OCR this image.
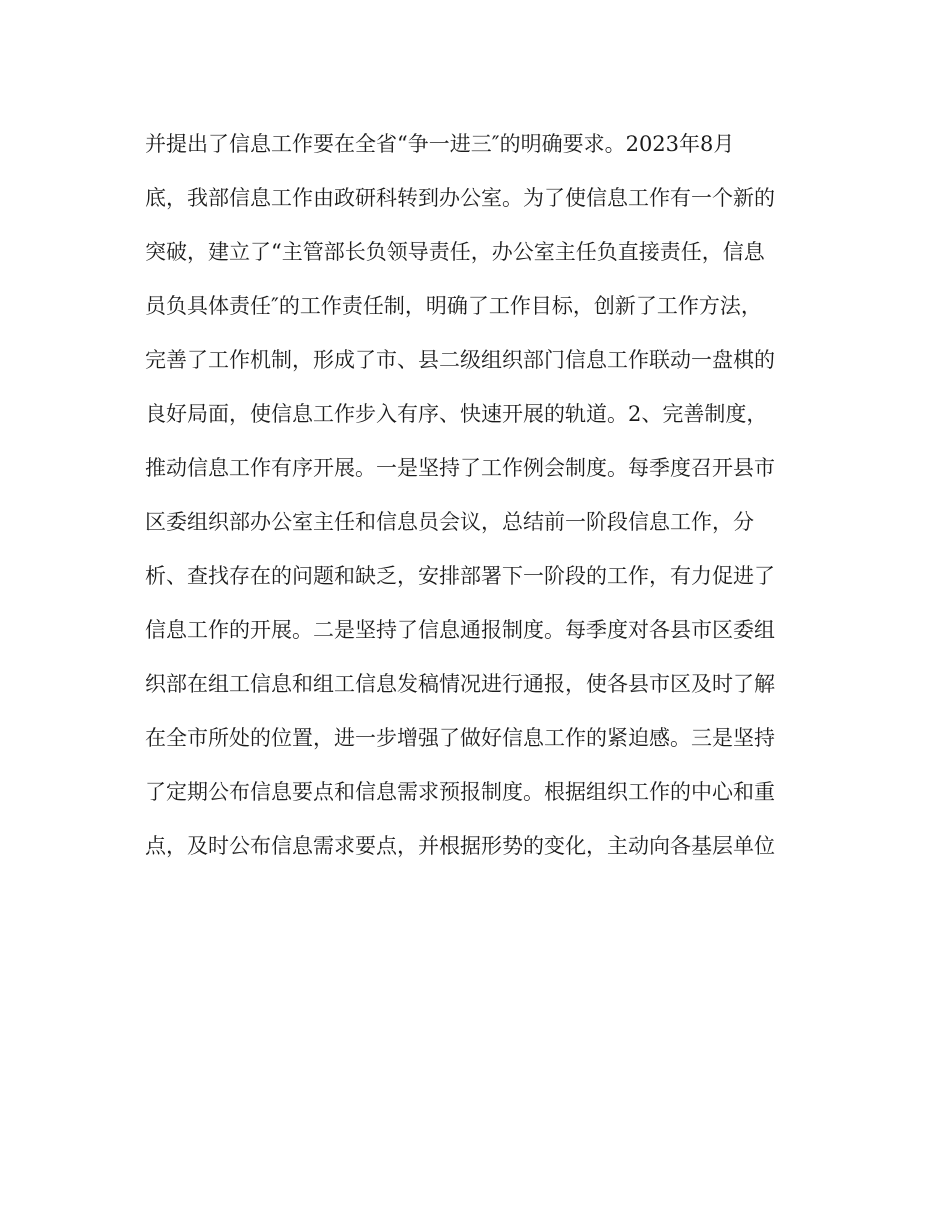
并提出了信息工作要在全省“争一进三″的明确要求。2023年8月
底，我部信息工作由政研科转到办公室。为了使信息工作有一个新的
突破，建立了“主管部长负领导责任，办公室主任负直接责任，信息
员负具体责任″的工作责任制，明确了工作目标，创新了工作方法，
完善了工作机制，形成了市、县二级组织部门信息工作联动一盘棋的
良好局面，使信息工作步入有序、快速开展的轨道。2、完善制度，
推动信息工作有序开展。一是坚持了工作例会制度。每季度召开县市
区委组织部办公室主任和信息员会议，总结前一阶段信息工作，分
析、查找存在的问题和缺乏，安排部署下一阶段的工作，有力促进了
信息工作的开展。二是坚持了信息通报制度。每季度对各县市区委组
织部在组工信息和组工信息发稿情况进行通报，使各县市区及时了解
在全市所处的位置，进一步增强了做好信息工作的紧迫感。三是坚持
了定期公布信息要点和信息需求预报制度。根据组织工作的中心和重
点，及时公布信息需求要点，并根据形势的变化，主动向各基层单位
